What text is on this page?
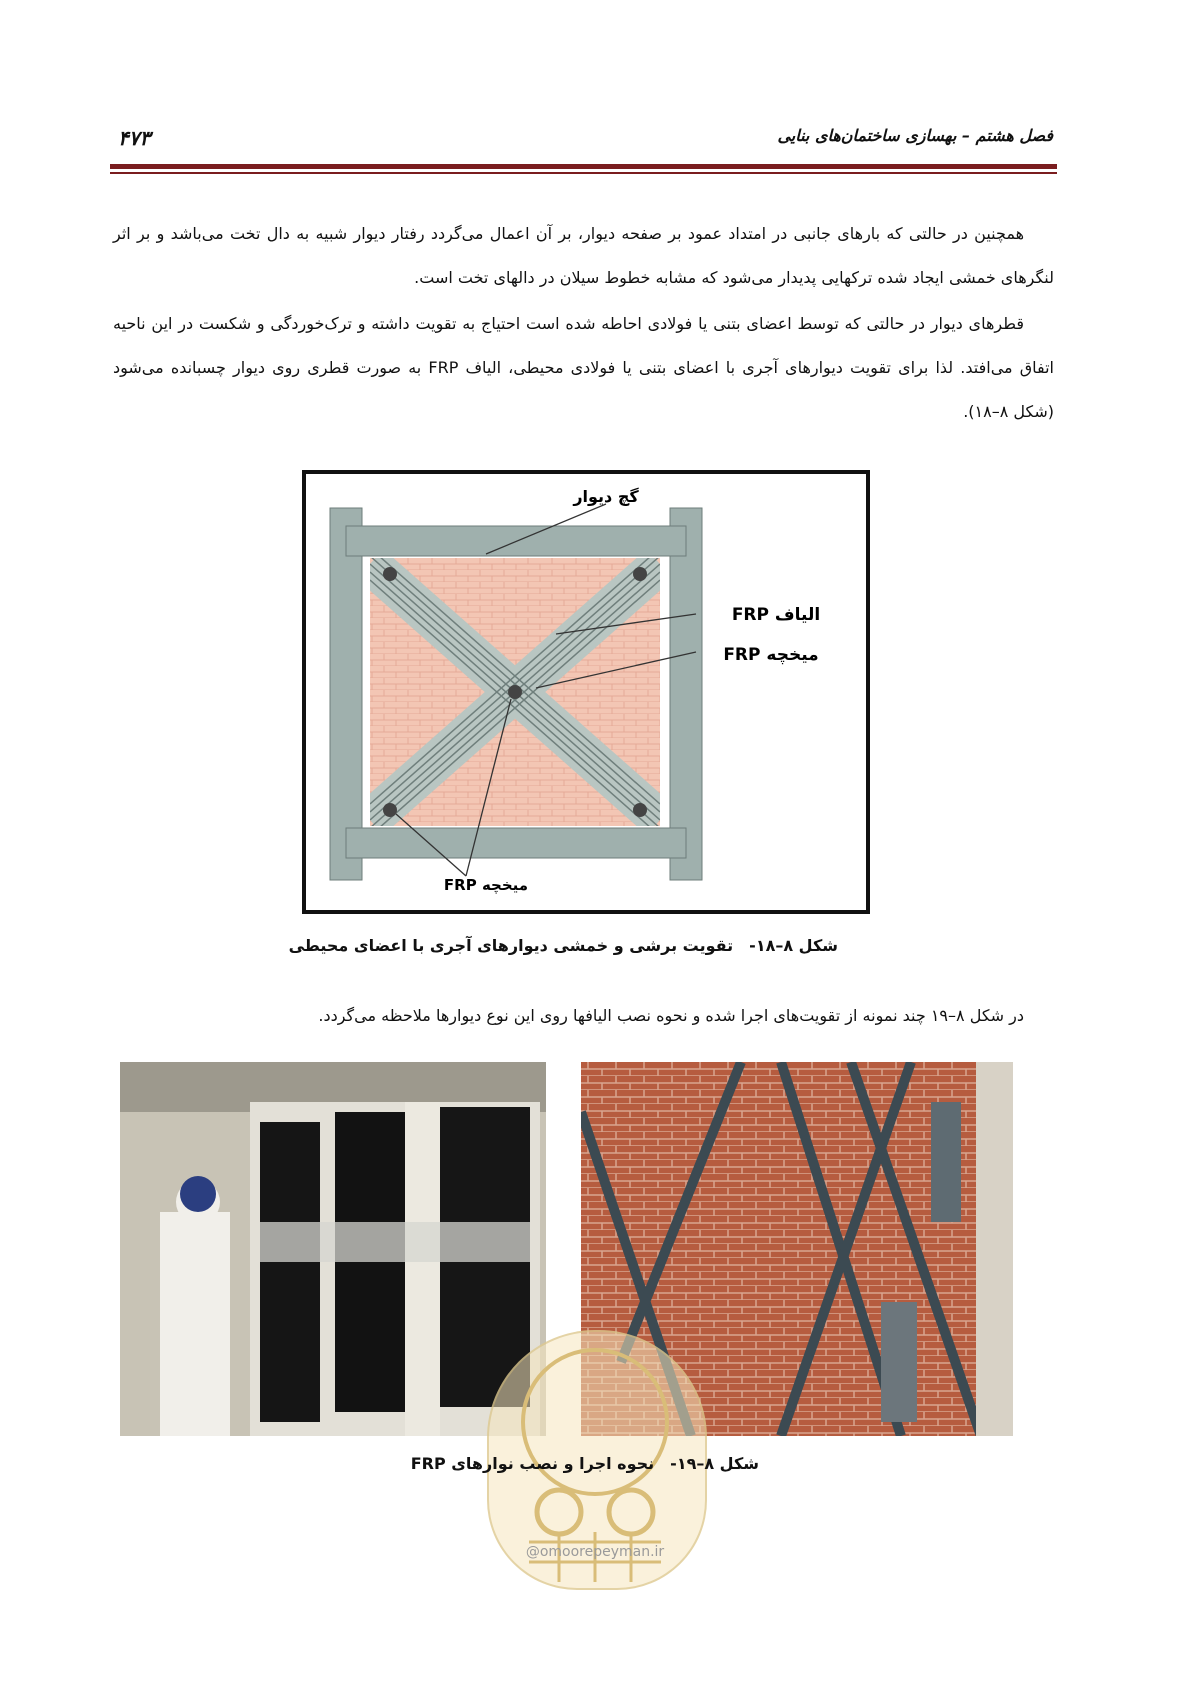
۴۷۳	فصل هشتم – بهسازی ساختمان‌های بنایی

همچنین در حالتی که بارهای جانبی در امتداد عمود بر صفحه دیوار، بر آن اعمال می‌گردد رفتار دیوار شبیه به دال تخت می‌باشد و بر اثر لنگرهای خمشی ایجاد شده ترکهایی پدیدار می‌شود که مشابه خطوط سیلان در دالهای تخت است.

قطرهای دیوار در حالتی که توسط اعضای بتنی یا فولادی احاطه شده است احتیاج به تقویت داشته و ترک‌خوردگی و شکست در این ناحیه اتفاق می‌افتد. لذا برای تقویت دیوارهای آجری با اعضای بتنی یا فولادی محیطی، الیاف FRP به صورت قطری روی دیوار چسبانده می‌شود (شکل ۸–۱۸).

گچ دیوار
الیاف FRP
میخچه FRP
میخچه FRP
شکل ۸–۱۸-تقویت برشی و خمشی دیوارهای آجری با اعضای محیطی

در شکل ۸–۱۹ چند نمونه از تقویت‌های اجرا شده و نحوه نصب الیافها روی این نوع دیوارها ملاحظه می‌گردد.

@omoorepeyman.ir
شکل ۸–۱۹-نحوه اجرا و نصب نوارهای FRP
